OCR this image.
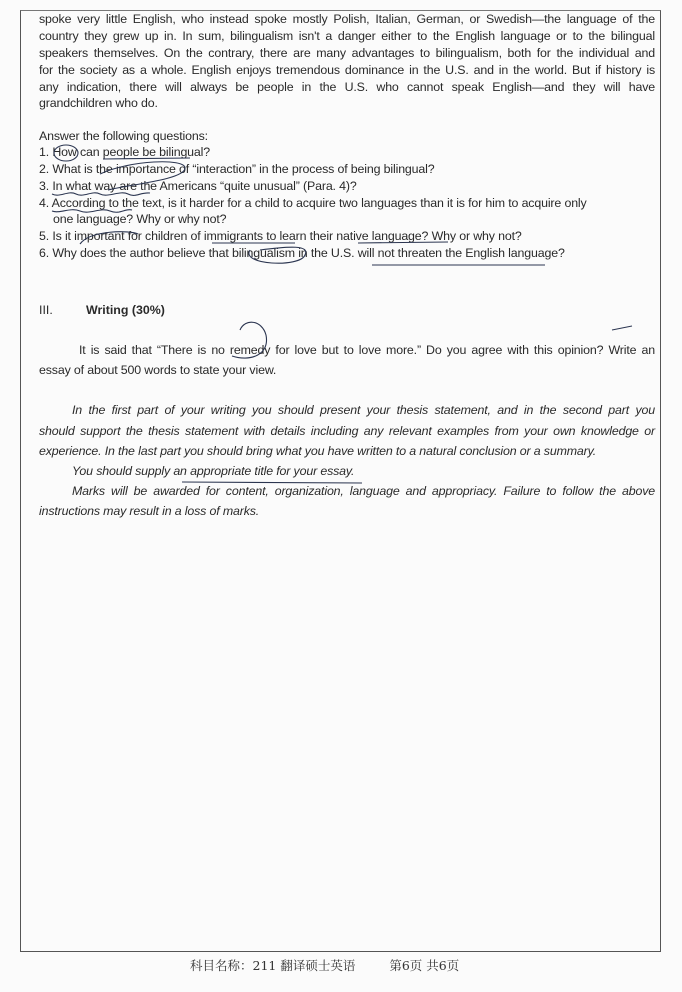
spoke very little English, who instead spoke mostly Polish, Italian, German, or Swedish—the language of the
country they grew up in. In sum, bilingualism isn't a danger either to the English language or to the bilingual
speakers themselves. On the contrary, there are many advantages to bilingualism, both for the individual and
for the society as a whole. English enjoys tremendous dominance in the U.S. and in the world. But if history is
any indication, there will always be people in the U.S. who cannot speak English—and they will have
grandchildren who do.
Answer the following questions:
1. How can people be bilingual?
2. What is the importance of “interaction” in the process of being bilingual?
3. In what way are the Americans “quite unusual” (Para. 4)?
4. According to the text, is it harder for a child to acquire two languages than it is for him to acquire only
one language? Why or why not?
5. Is it important for children of immigrants to learn their native language? Why or why not?
6. Why does the author believe that bilingualism in the U.S. will not threaten the English language?
III.	Writing (30%)
It is said that “There is no remedy for love but to love more.” Do you agree with this opinion? Write an
essay of about 500 words to state your view.
In the first part of your writing you should present your thesis statement, and in the second part you
should support the thesis statement with details including any relevant examples from your own knowledge or
experience. In the last part you should bring what you have written to a natural conclusion or a summary.
You should supply an appropriate title for your essay.
Marks will be awarded for content, organization, language and appropriacy. Failure to follow the above
instructions may result in a loss of marks.
科目名称：211 翻译硕士英语	第6页 共6页
